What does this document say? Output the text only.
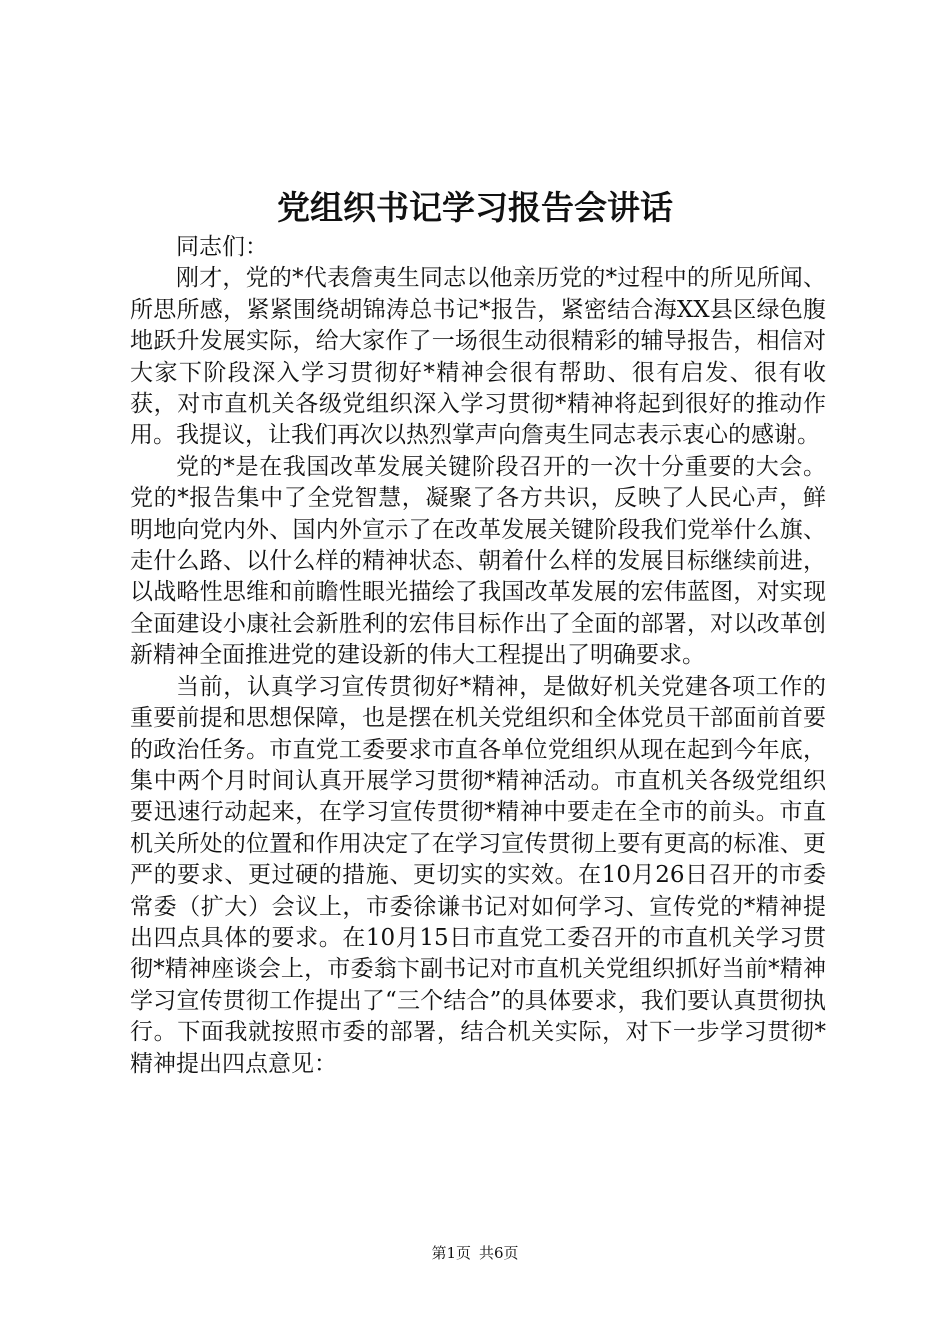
党组织书记学习报告会讲话

同志们：

刚才，党的*代表詹夷生同志以他亲历党的*过程中的所见所闻、所思所感，紧紧围绕胡锦涛总书记*报告，紧密结合海XX县区绿色腹地跃升发展实际，给大家作了一场很生动很精彩的辅导报告，相信对大家下阶段深入学习贯彻好*精神会很有帮助、很有启发、很有收获，对市直机关各级党组织深入学习贯彻*精神将起到很好的推动作用。我提议，让我们再次以热烈掌声向詹夷生同志表示衷心的感谢。

党的*是在我国改革发展关键阶段召开的一次十分重要的大会。党的*报告集中了全党智慧，凝聚了各方共识，反映了人民心声，鲜明地向党内外、国内外宣示了在改革发展关键阶段我们党举什么旗、走什么路、以什么样的精神状态、朝着什么样的发展目标继续前进，以战略性思维和前瞻性眼光描绘了我国改革发展的宏伟蓝图，对实现全面建设小康社会新胜利的宏伟目标作出了全面的部署，对以改革创新精神全面推进党的建设新的伟大工程提出了明确要求。

当前，认真学习宣传贯彻好*精神，是做好机关党建各项工作的重要前提和思想保障，也是摆在机关党组织和全体党员干部面前首要的政治任务。市直党工委要求市直各单位党组织从现在起到今年底，集中两个月时间认真开展学习贯彻*精神活动。市直机关各级党组织要迅速行动起来，在学习宣传贯彻*精神中要走在全市的前头。市直机关所处的位置和作用决定了在学习宣传贯彻上要有更高的标准、更严的要求、更过硬的措施、更切实的实效。在10月26日召开的市委常委（扩大）会议上，市委徐谦书记对如何学习、宣传党的*精神提出四点具体的要求。在10月15日市直党工委召开的市直机关学习贯彻*精神座谈会上，市委翁卞副书记对市直机关党组织抓好当前*精神学习宣传贯彻工作提出了“三个结合”的具体要求，我们要认真贯彻执行。下面我就按照市委的部署，结合机关实际，对下一步学习贯彻*精神提出四点意见：

第1页 共6页
